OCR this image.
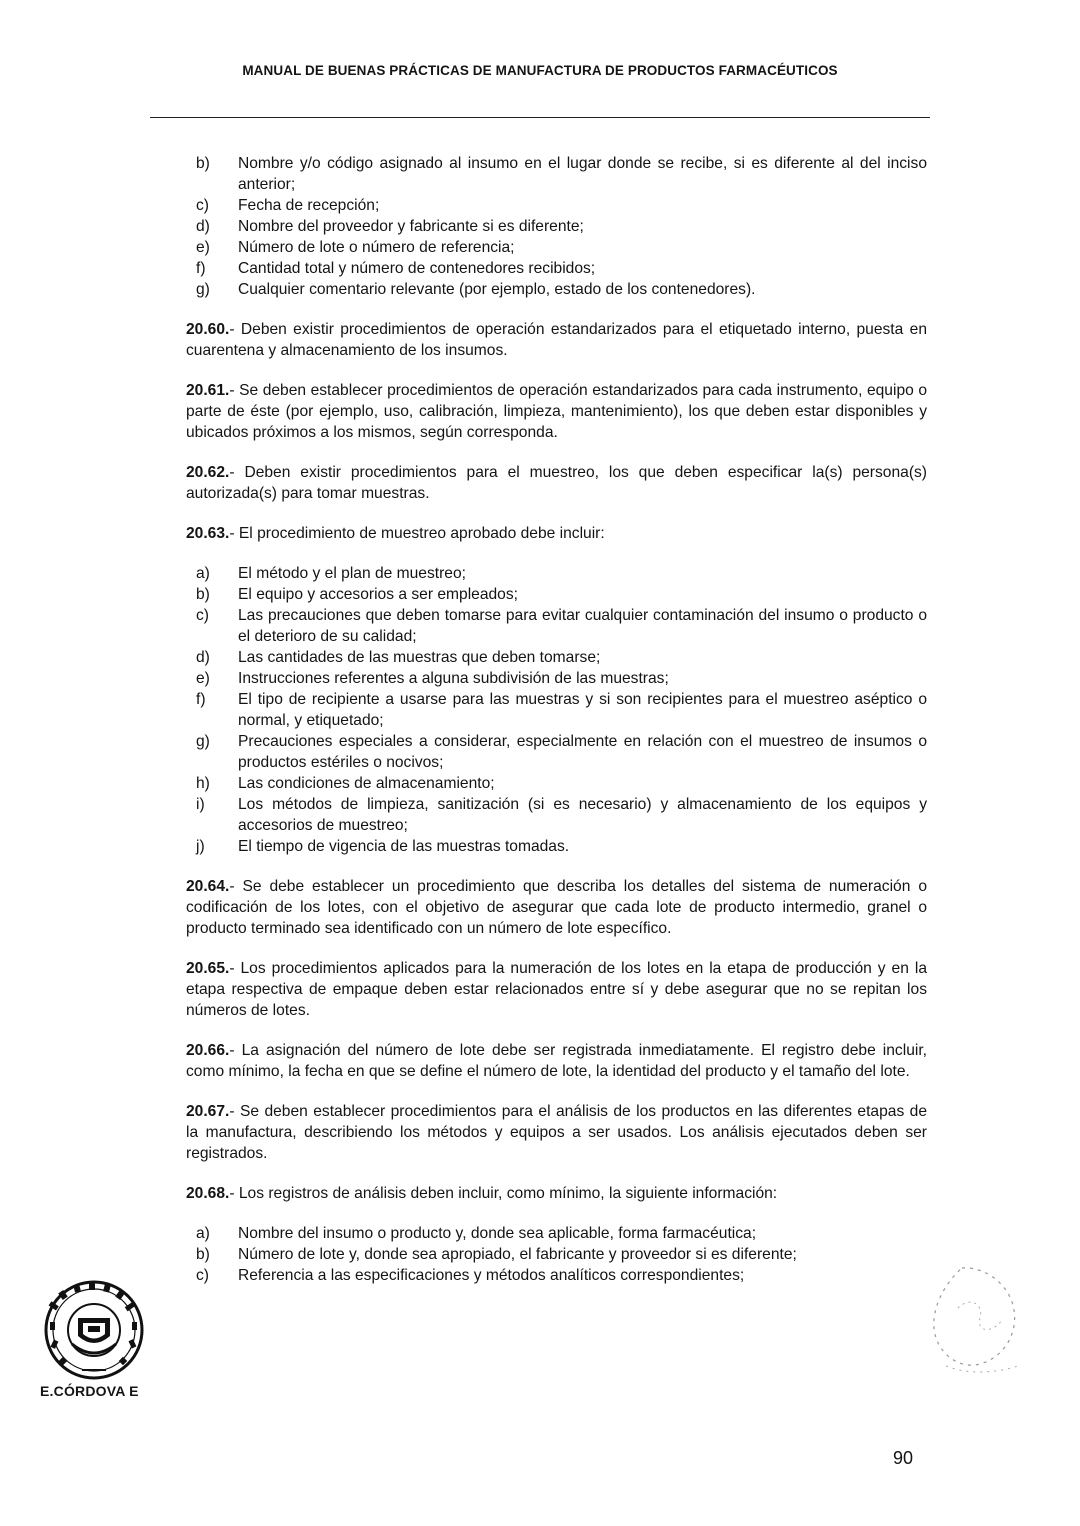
MANUAL DE BUENAS PRÁCTICAS DE MANUFACTURA DE PRODUCTOS FARMACÉUTICOS
b) Nombre y/o código asignado al insumo en el lugar donde se recibe, si es diferente al del inciso anterior;
c) Fecha de recepción;
d) Nombre del proveedor y fabricante si es diferente;
e) Número de lote o número de referencia;
f) Cantidad total y número de contenedores recibidos;
g) Cualquier comentario relevante (por ejemplo, estado de los contenedores).

20.60.- Deben existir procedimientos de operación estandarizados para el etiquetado interno, puesta en cuarentena y almacenamiento de los insumos.

20.61.- Se deben establecer procedimientos de operación estandarizados para cada instrumento, equipo o parte de éste (por ejemplo, uso, calibración, limpieza, mantenimiento), los que deben estar disponibles y ubicados próximos a los mismos, según corresponda.

20.62.- Deben existir procedimientos para el muestreo, los que deben especificar la(s) persona(s) autorizada(s) para tomar muestras.

20.63.- El procedimiento de muestreo aprobado debe incluir:

a) El método y el plan de muestreo;
b) El equipo y accesorios a ser empleados;
c) Las precauciones que deben tomarse para evitar cualquier contaminación del insumo o producto o el deterioro de su calidad;
d) Las cantidades de las muestras que deben tomarse;
e) Instrucciones referentes a alguna subdivisión de las muestras;
f) El tipo de recipiente a usarse para las muestras y si son recipientes para el muestreo aséptico o normal, y etiquetado;
g) Precauciones especiales a considerar, especialmente en relación con el muestreo de insumos o productos estériles o nocivos;
h) Las condiciones de almacenamiento;
i) Los métodos de limpieza, sanitización (si es necesario) y almacenamiento de los equipos y accesorios de muestreo;
j) El tiempo de vigencia de las muestras tomadas.

20.64.- Se debe establecer un procedimiento que describa los detalles del sistema de numeración o codificación de los lotes, con el objetivo de asegurar que cada lote de producto intermedio, granel o producto terminado sea identificado con un número de lote específico.

20.65.- Los procedimientos aplicados para la numeración de los lotes en la etapa de producción y en la etapa respectiva de empaque deben estar relacionados entre sí y debe asegurar que no se repitan los números de lotes.

20.66.- La asignación del número de lote debe ser registrada inmediatamente. El registro debe incluir, como mínimo, la fecha en que se define el número de lote, la identidad del producto y el tamaño del lote.

20.67.- Se deben establecer procedimientos para el análisis de los productos en las diferentes etapas de la manufactura, describiendo los métodos y equipos a ser usados. Los análisis ejecutados deben ser registrados.

20.68.- Los registros de análisis deben incluir, como mínimo, la siguiente información:

a) Nombre del insumo o producto y, donde sea aplicable, forma farmacéutica;
b) Número de lote y, donde sea apropiado, el fabricante y proveedor si es diferente;
c) Referencia a las especificaciones y métodos analíticos correspondientes;
E.CÓRDOVA E
90
